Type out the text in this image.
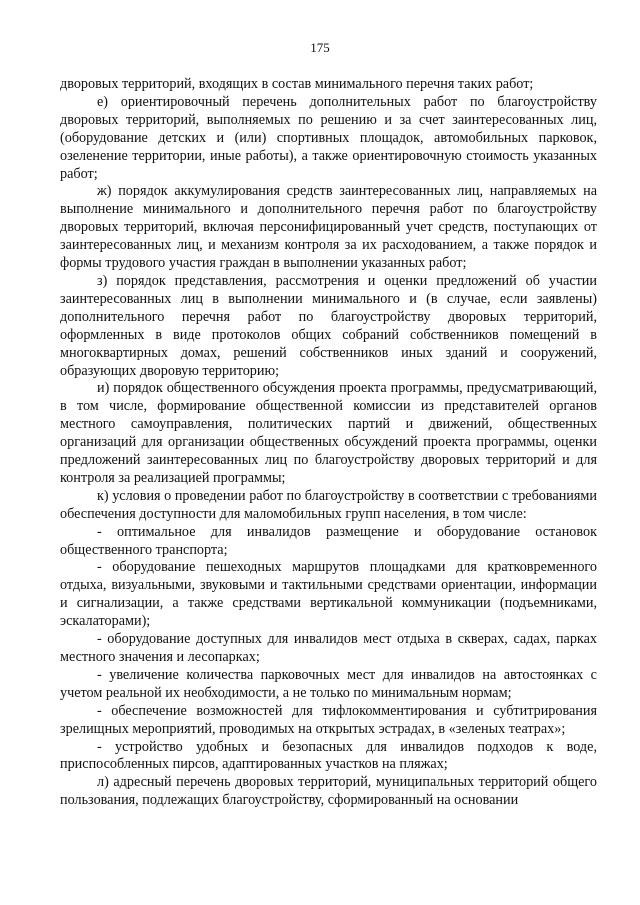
175

дворовых территорий, входящих в состав минимального перечня таких работ;

е) ориентировочный перечень дополнительных работ по благоустройству дворовых территорий, выполняемых по решению и за счет заинтересованных лиц, (оборудование детских и (или) спортивных площадок, автомобильных парковок, озеленение территории, иные работы), а также ориентировочную стоимость указанных работ;

ж) порядок аккумулирования средств заинтересованных лиц, направляемых на выполнение минимального и дополнительного перечня работ по благоустройству дворовых территорий, включая персонифицированный учет средств, поступающих от заинтересованных лиц, и механизм контроля за их расходованием, а также порядок и формы трудового участия граждан в выполнении указанных работ;

з) порядок представления, рассмотрения и оценки предложений об участии заинтересованных лиц в выполнении минимального и (в случае, если заявлены) дополнительного перечня работ по благоустройству дворовых территорий, оформленных в виде протоколов общих собраний собственников помещений в многоквартирных домах, решений собственников иных зданий и сооружений, образующих дворовую территорию;

и) порядок общественного обсуждения проекта программы, предусматривающий, в том числе, формирование общественной комиссии из представителей органов местного самоуправления, политических партий и движений, общественных организаций для организации общественных обсуждений проекта программы, оценки предложений заинтересованных лиц по благоустройству дворовых территорий и для контроля за реализацией программы;

к) условия о проведении работ по благоустройству в соответствии с требованиями обеспечения доступности для маломобильных групп населения, в том числе:

- оптимальное для инвалидов размещение и оборудование остановок общественного транспорта;

- оборудование пешеходных маршрутов площадками для кратковременного отдыха, визуальными, звуковыми и тактильными средствами ориентации, информации и сигнализации, а также средствами вертикальной коммуникации (подъемниками, эскалаторами);

- оборудование доступных для инвалидов мест отдыха в скверах, садах, парках местного значения и лесопарках;

- увеличение количества парковочных мест для инвалидов на автостоянках с учетом реальной их необходимости, а не только по минимальным нормам;

- обеспечение возможностей для тифлокомментирования и субтитрирования зрелищных мероприятий, проводимых на открытых эстрадах, в «зеленых театрах»;

- устройство удобных и безопасных для инвалидов подходов к воде, приспособленных пирсов, адаптированных участков на пляжах;

л) адресный перечень дворовых территорий, муниципальных территорий общего пользования, подлежащих благоустройству, сформированный на основании
